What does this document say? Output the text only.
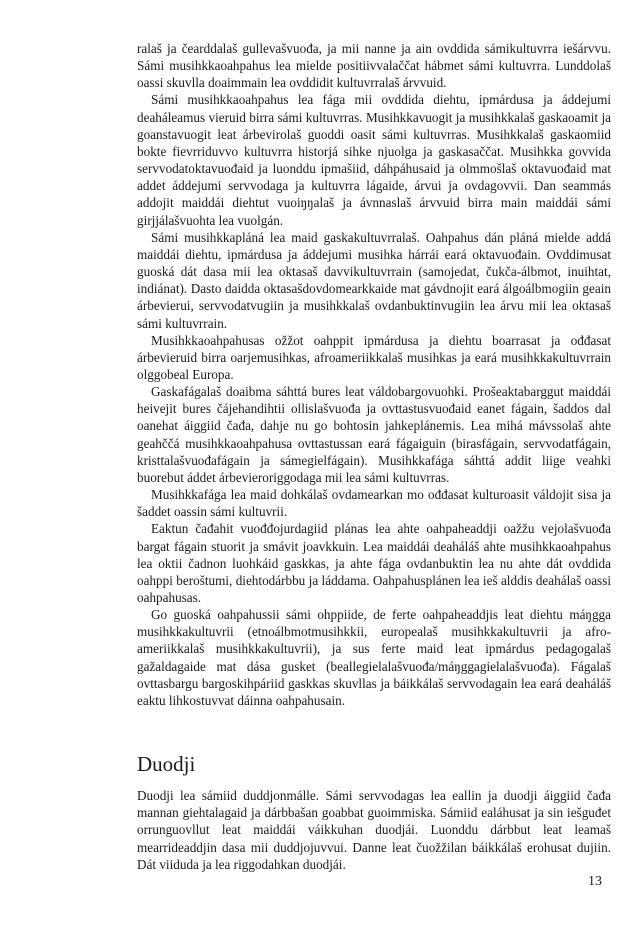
ralaš ja čearddalaš gullevašvuođa, ja mii nanne ja ain ovddida sámikultuvrra iešárvvu. Sámi musihkkaoahpahus lea mielde positiivvalaččat hábmet sámi kultuvrra. Lunddolaš oassi skuvlla doaimmain lea ovddidit kultuvrralaš árvvuid.

Sámi musihkkaoahpahus lea fága mii ovddida diehtu, ipmárdusa ja áddejumi deaháleamus vieruid birra sámi kultuvrras. Musihkkavuogit ja musihkkalaš gaskaoamit ja goanstavuogit leat árbevirolaš guoddi oasit sámi kultuvrras. Musihkkalaš gaskaomiid bokte fievrriduvvo kultuvrra historjá sihke njuolga ja gaskasaččat. Musihkka govvida servvodatoktavuođaid ja luonddu ipmašiid, dáhpáhusaid ja olmmošlaš oktavuođaid mat addet áddejumi servvodaga ja kultuvrra lágaide, árvui ja ovdagovvii. Dan seammás addojit maiddái diehtut vuoiŋŋalaš ja ávnnaslaš árvvuid birra main maiddái sámi girjjálašvuohta lea vuolgán.

Sámi musihkkapláná lea maid gaskakultuvrralaš. Oahpahus dán pláná mielde addá maiddái diehtu, ipmárdusa ja áddejumi musihka hárrái eará oktavuođain. Ovddimusat guoská dát dasa mii lea oktasaš davvikultuvrrain (samojedat, čukča-álbmot, inuihtat, indiánat). Dasto daidda oktasašdovdomearkkaide mat gávdnojit eará álgoálbmogiin geain árbevierui, servvodatvugiin ja musihkkalaš ovdanbuktinvugiin lea árvu mii lea oktasaš sámi kultuvrrain.

Musihkkaoahpahusas ožžot oahppit ipmárdusa ja diehtu boarrasat ja ođđasat árbevieruid birra oarjemusihkas, afroameriikkalaš musihkas ja eará musihkkakultuvrrain olggobeal Europa.

Gaskafágalaš doaibma sáhttá bures leat váldobargovuohki. Prošeaktabarggut maiddái heivejit bures čájehandihtii ollislašvuođa ja ovttastusvuođaid eanet fágain, šaddos dal oanehat áiggiid čađa, dahje nu go bohtosin jahkeplánemis. Lea mihá mávssolaš ahte geahččá musihkkaoahpahusa ovttastussan eará fágaiguin (birasfágain, servvodatfágain, kristtalašvuođafágain ja sámegielfágain). Musihkkafága sáhttá addit liige veahki buorebut áddet árbevieroriggodaga mii lea sámi kultuvrras.

Musihkkafága lea maid dohkálaš ovdamearkan mo ođđasat kulturoasit váldojit sisa ja šaddet oassin sámi kultuvrii.

Eaktun čađahit vuođđojurdagiid plánas lea ahte oahpaheaddji oažžu vejolašvuođa bargat fágain stuorit ja smávit joavkkuin. Lea maiddái deaháláš ahte musihkkaoahpahus lea oktii čadnon luohkáid gaskkas, ja ahte fága ovdanbuktin lea nu ahte dát ovddida oahppi beroštumi, diehtodárbbu ja láddama. Oahpahusplánen lea ieš alddis deahálaš oassi oahpahusas.

Go guoská oahpahussii sámi ohppiide, de ferte oahpaheaddjis leat diehtu máŋgga musihkkakultuvrii (etnoálbmotmusihkkii, europealaš musihkkakultuvrii ja afro-ameriikkalaš musihkkakultuvrii), ja sus ferte maid leat ipmárdus pedagogalaš gažaldagaide mat dása gusket (beallegielalašvuođa/máŋggagielalašvuođa). Fágalaš ovttasbargu bargoskihpáriid gaskkas skuvllas ja báikkálaš servvodagain lea eará deaháláš eaktu lihkostuvvat dáinna oahpahusain.

Duodji

Duodji lea sámiid duddjonmálle. Sámi servvodagas lea eallin ja duodji áiggiid čađa mannan giehtalagaid ja dárbbašan goabbat guoimmiska. Sámiid ealáhusat ja sin iešguđet orrunguovllut leat maiddái váikkuhan duodjái. Luonddu dárbbut leat leamaš mearrideaddjin dasa mii duddjojuvvui. Danne leat čuožžilan báikkálaš erohusat dujiin. Dát viiduda ja lea riggodahkan duodjái.

13
